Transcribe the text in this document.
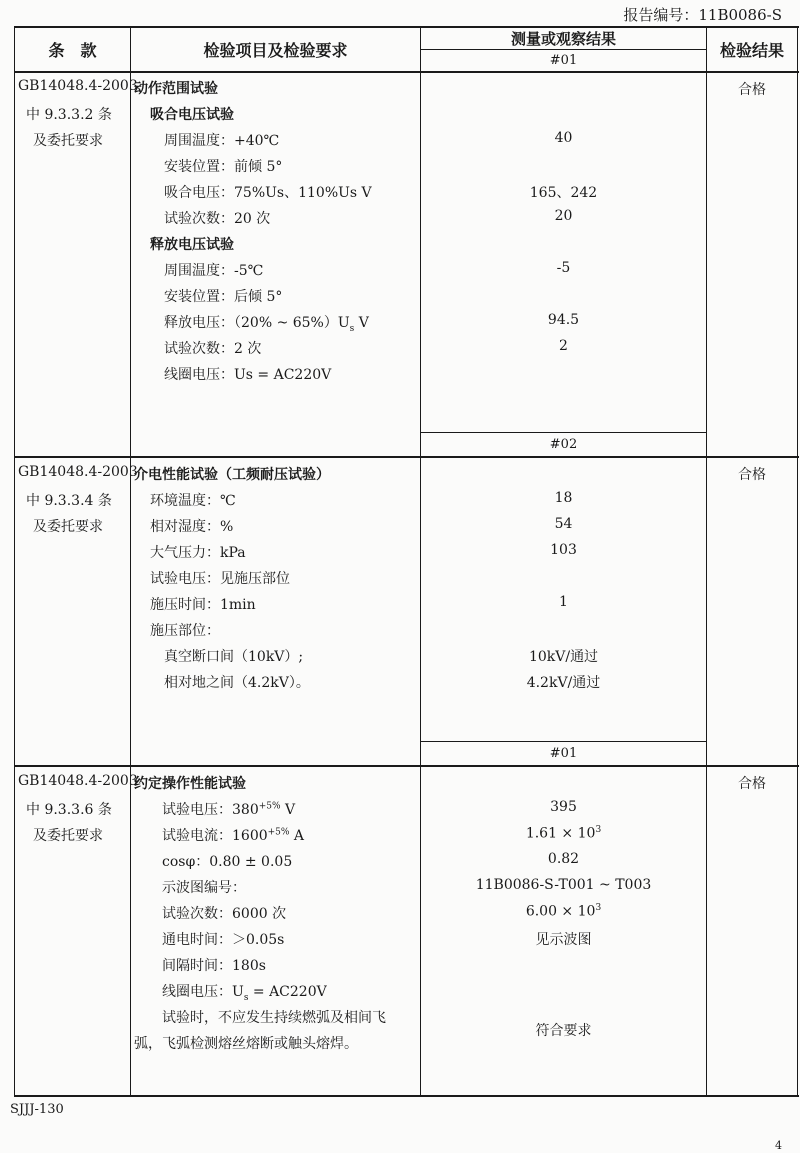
报告编号：11B0086-S
条　款	检验项目及检验要求
测量或观察结果
检验结果
#01
GB14048.4-2003
中 9.3.3.2 条
及委托要求
合格
动作范围试验
吸合电压试验
周围温度：+40℃
安装位置：前倾 5°
吸合电压：75%Us、110%Us V
试验次数：20 次
释放电压试验
周围温度：-5℃
安装位置：后倾 5°
释放电压：（20% ~ $65\%)U_s$ V
试验次数：2 次
线圈电压：Us = AC220V
40
165、242
20
-5
94.5
2
#02
GB14048.4-2003
中 9.3.3.4 条
及委托要求
合格
介电性能试验（工频耐压试验）
环境温度：℃
相对湿度：%
大气压力：kPa
试验电压：见施压部位
施压时间：1min
施压部位：
真空断口间（10kV）;
相对地之间（4.2kV）。
18
54
103
1
10kV/通过
4.2kV/通过
#01
GB14048.4-2003
中 9.3.3.6 条
及委托要求
合格
约定操作性能试验
试验电压：$380^{+5\%}$ V
试验电流：$1600^{+5\%}$ A
cosφ：0.80 ± 0.05
示波图编号：
试验次数：6000 次
通电时间：＞0.05s
间隔时间：180s
线圈电压：$U_s = AC220V$
试验时，不应发生持续燃弧及相间飞
弧，飞弧检测熔丝熔断或触头熔焊。
395
$1.61 \times 10^3$
0.82
11B0086-S-T001 ~ T003
$6.00 \times 10^3$
见示波图
符合要求
SJJJ-130
4
